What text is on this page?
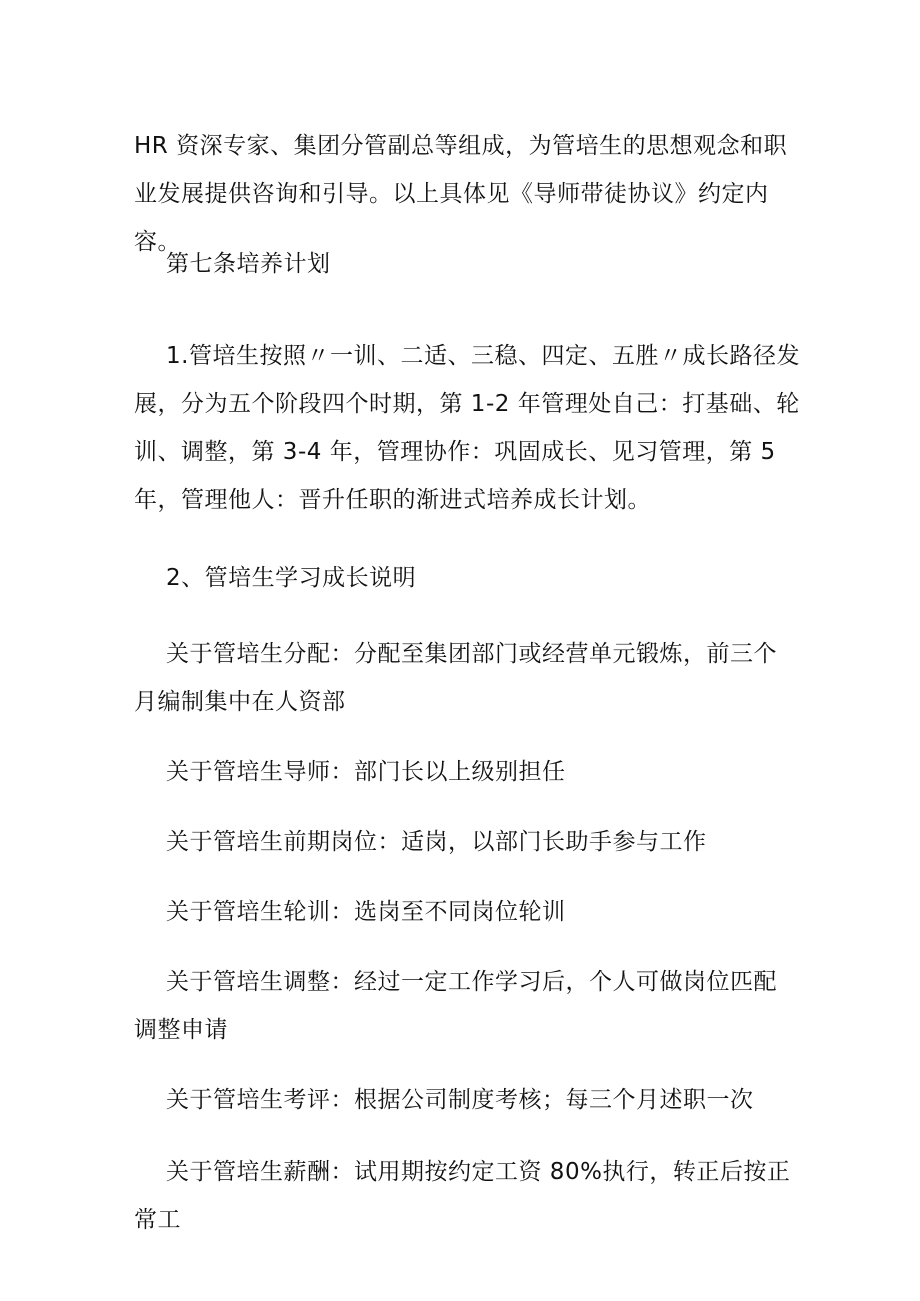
HR 资深专家、集团分管副总等组成，为管培生的思想观念和职业发展提供咨询和引导。以上具体见《导师带徒协议》约定内容。

第七条培养计划

1.管培生按照〃一训、二适、三稳、四定、五胜〃成长路径发展，分为五个阶段四个时期，第 1-2 年管理处自己：打基础、轮训、调整，第 3-4 年，管理协作：巩固成长、见习管理，第 5 年，管理他人：晋升任职的渐进式培养成长计划。

2、管培生学习成长说明

关于管培生分配：分配至集团部门或经营单元锻炼，前三个月编制集中在人资部

关于管培生导师：部门长以上级别担任

关于管培生前期岗位：适岗，以部门长助手参与工作

关于管培生轮训：选岗至不同岗位轮训

关于管培生调整：经过一定工作学习后，个人可做岗位匹配调整申请

关于管培生考评：根据公司制度考核；每三个月述职一次

关于管培生薪酬：试用期按约定工资 80%执行，转正后按正常工
